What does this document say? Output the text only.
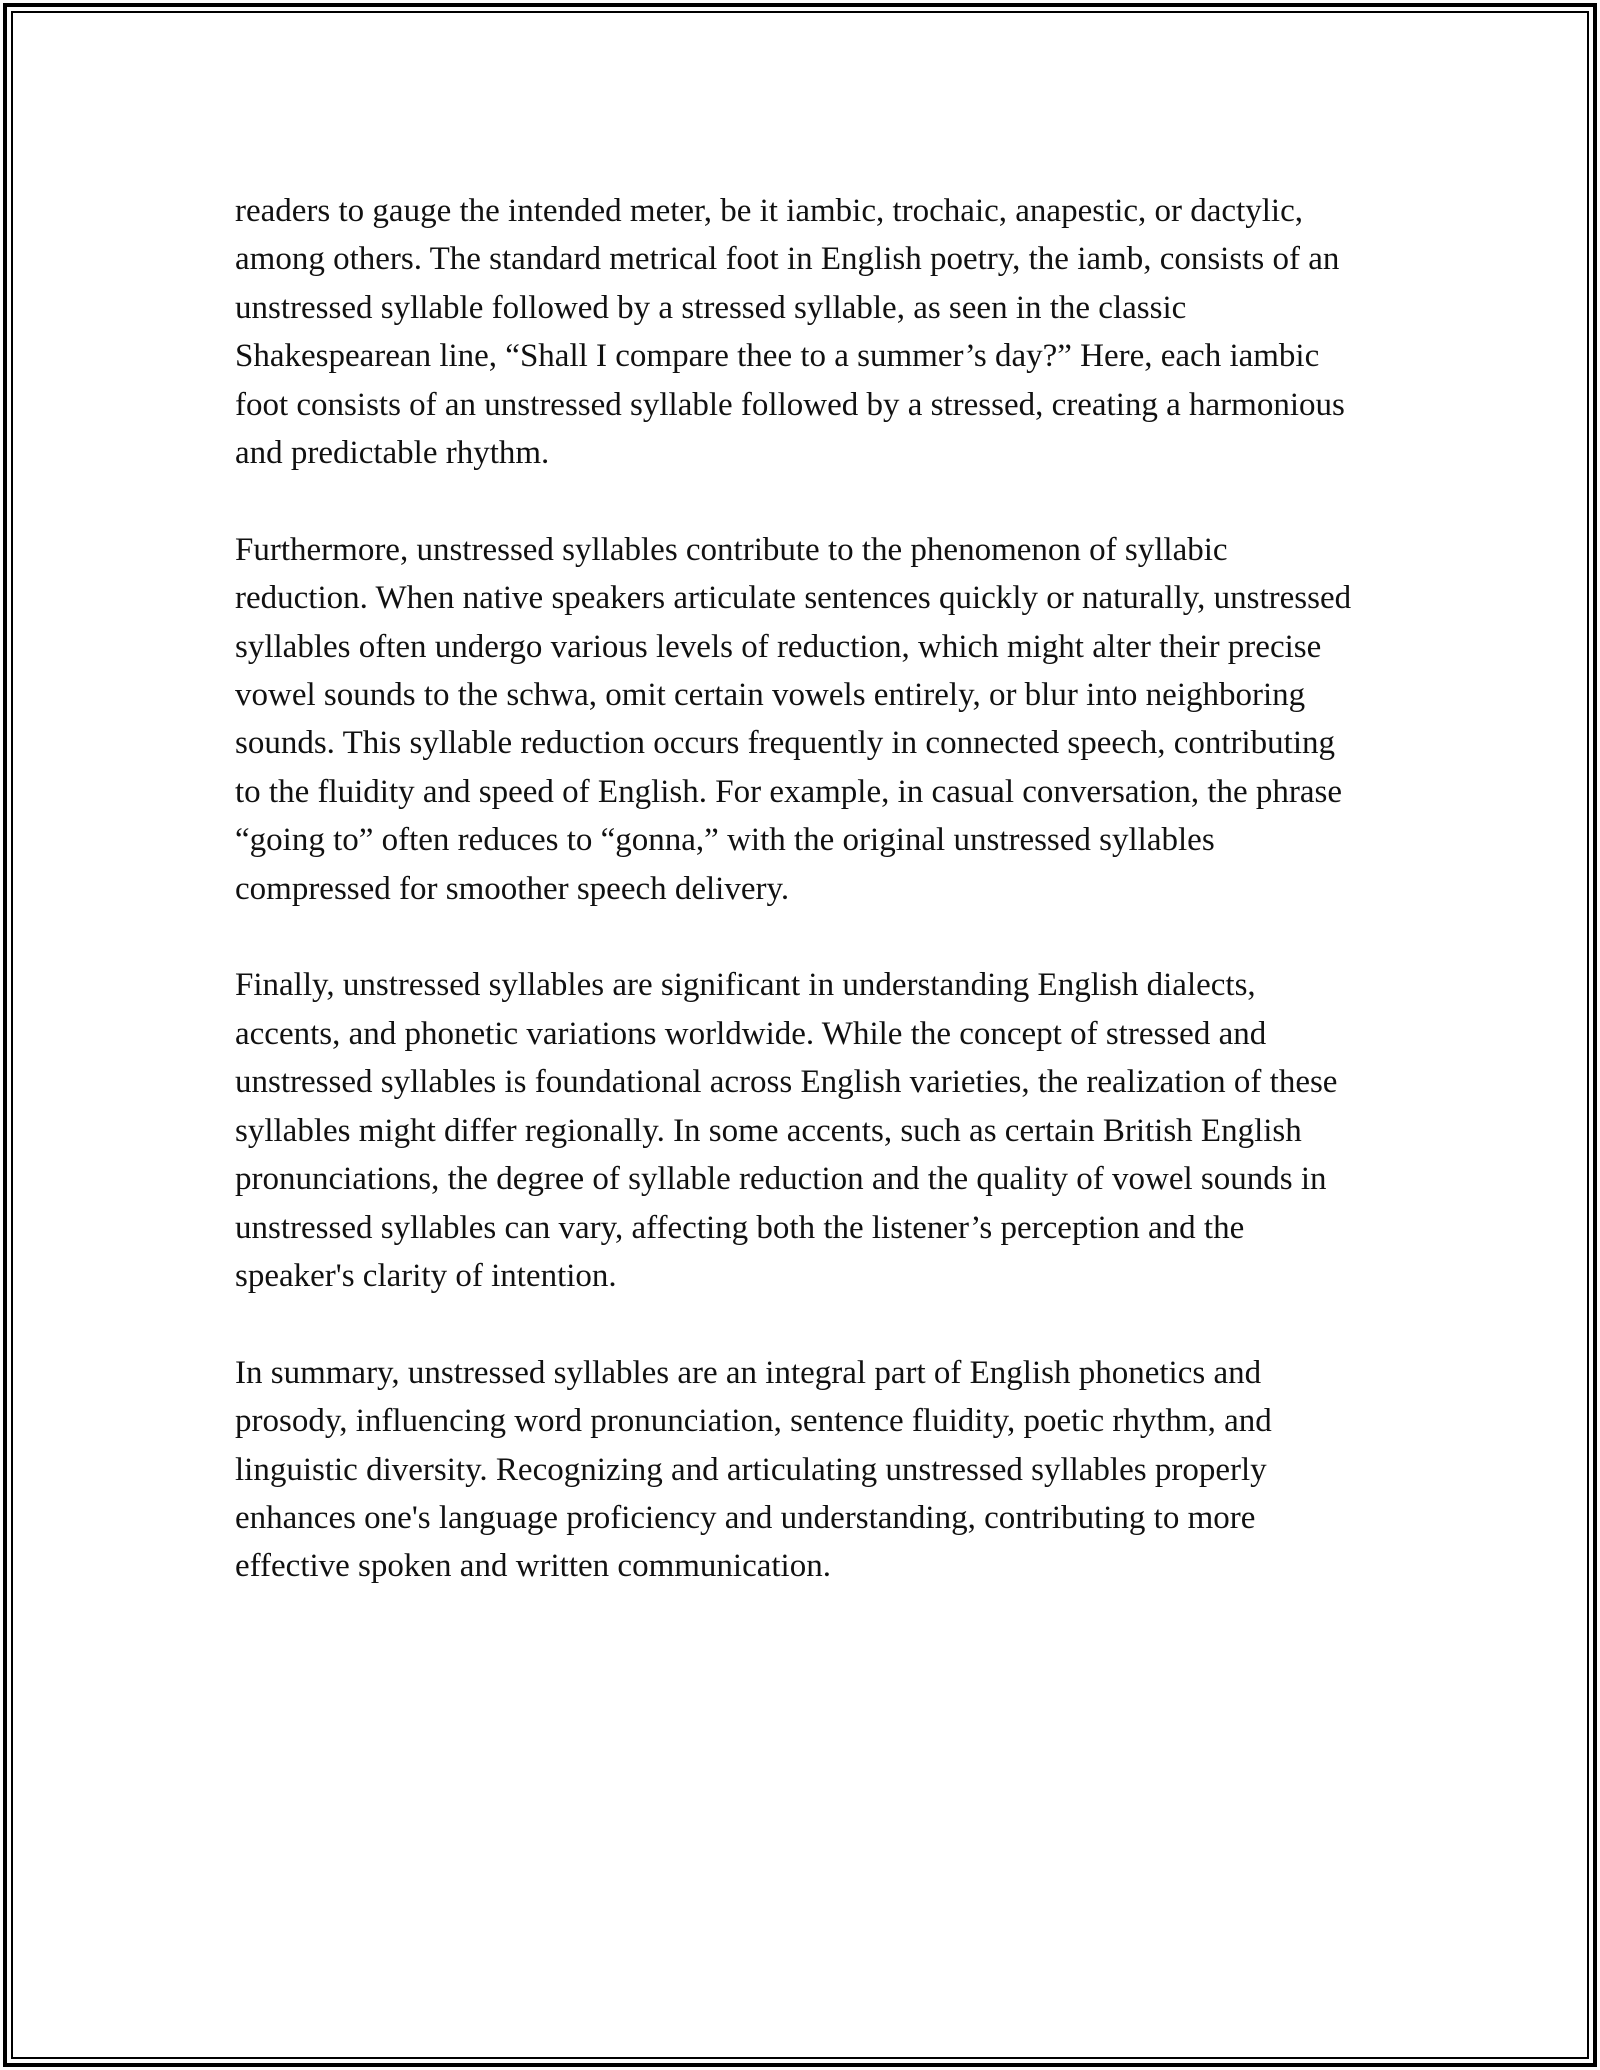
readers to gauge the intended meter, be it iambic, trochaic, anapestic, or dactylic, among others. The standard metrical foot in English poetry, the iamb, consists of an unstressed syllable followed by a stressed syllable, as seen in the classic Shakespearean line, “Shall I compare thee to a summer’s day?” Here, each iambic foot consists of an unstressed syllable followed by a stressed, creating a harmonious and predictable rhythm.

Furthermore, unstressed syllables contribute to the phenomenon of syllabic reduction. When native speakers articulate sentences quickly or naturally, unstressed syllables often undergo various levels of reduction, which might alter their precise vowel sounds to the schwa, omit certain vowels entirely, or blur into neighboring sounds. This syllable reduction occurs frequently in connected speech, contributing to the fluidity and speed of English. For example, in casual conversation, the phrase “going to” often reduces to “gonna,” with the original unstressed syllables compressed for smoother speech delivery.

Finally, unstressed syllables are significant in understanding English dialects, accents, and phonetic variations worldwide. While the concept of stressed and unstressed syllables is foundational across English varieties, the realization of these syllables might differ regionally. In some accents, such as certain British English pronunciations, the degree of syllable reduction and the quality of vowel sounds in unstressed syllables can vary, affecting both the listener’s perception and the speaker's clarity of intention.

In summary, unstressed syllables are an integral part of English phonetics and prosody, influencing word pronunciation, sentence fluidity, poetic rhythm, and linguistic diversity. Recognizing and articulating unstressed syllables properly enhances one's language proficiency and understanding, contributing to more effective spoken and written communication.
